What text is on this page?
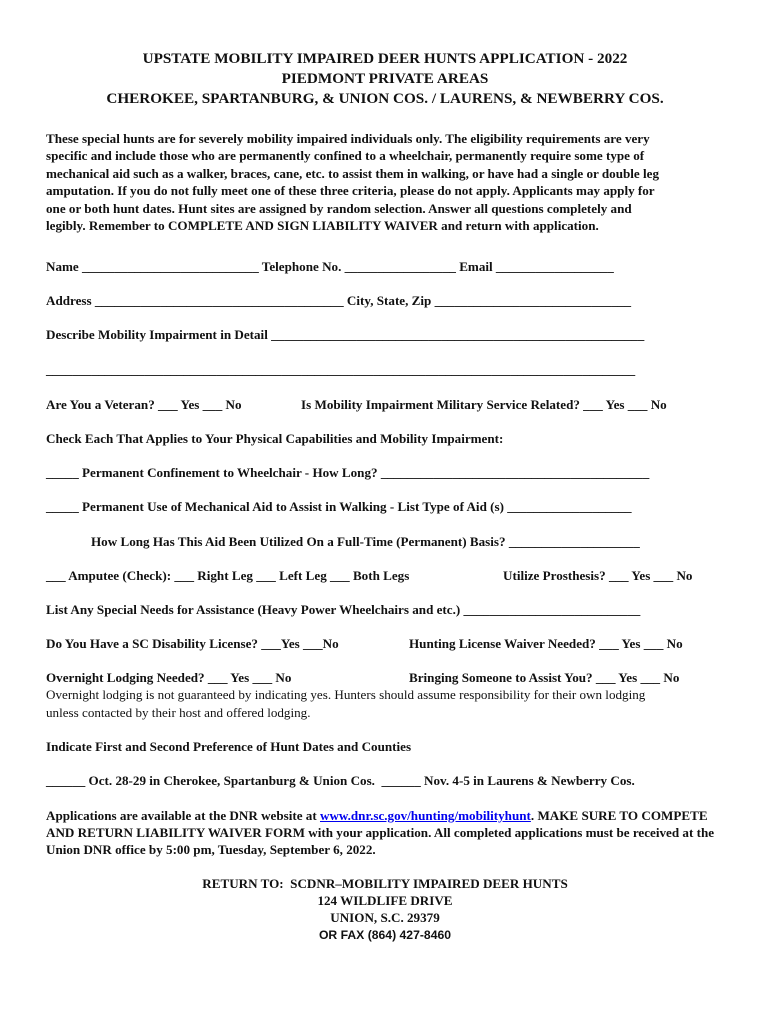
UPSTATE MOBILITY IMPAIRED DEER HUNTS APPLICATION - 2022
PIEDMONT PRIVATE AREAS
CHEROKEE, SPARTANBURG, & UNION COS. / LAURENS, & NEWBERRY COS.
These special hunts are for severely mobility impaired individuals only. The eligibility requirements are very
specific and include those who are permanently confined to a wheelchair, permanently require some type of
mechanical aid such as a walker, braces, cane, etc. to assist them in walking, or have had a single or double leg
amputation. If you do not fully meet one of these three criteria, please do not apply. Applicants may apply for
one or both hunt dates. Hunt sites are assigned by random selection. Answer all questions completely and
legibly. Remember to COMPLETE AND SIGN LIABILITY WAIVER and return with application.
Name ___________________________ Telephone No. _________________ Email __________________
Address ______________________________________ City, State, Zip ______________________________
Describe Mobility Impairment in Detail _________________________________________________________
__________________________________________________________________________________________
Are You a Veteran? ___ Yes ___ No	Is Mobility Impairment Military Service Related? ___ Yes ___ No
Check Each That Applies to Your Physical Capabilities and Mobility Impairment:
_____ Permanent Confinement to Wheelchair - How Long? _________________________________________
_____ Permanent Use of Mechanical Aid to Assist in Walking - List Type of Aid (s) ___________________
How Long Has This Aid Been Utilized On a Full-Time (Permanent) Basis? ____________________
___ Amputee (Check): ___ Right Leg ___ Left Leg ___ Both Legs	Utilize Prosthesis? ___ Yes ___ No
List Any Special Needs for Assistance (Heavy Power Wheelchairs and etc.) ___________________________
Do You Have a SC Disability License? ___Yes ___No	Hunting License Waiver Needed? ___ Yes ___ No
Overnight Lodging Needed? ___ Yes ___ No	Bringing Someone to Assist You? ___ Yes ___ No
Overnight lodging is not guaranteed by indicating yes. Hunters should assume responsibility for their own lodging
unless contacted by their host and offered lodging.
Indicate First and Second Preference of Hunt Dates and Counties
______ Oct. 28-29 in Cherokee, Spartanburg & Union Cos.  ______ Nov. 4-5 in Laurens & Newberry Cos.
Applications are available at the DNR website at www.dnr.sc.gov/hunting/mobilityhunt. MAKE SURE TO COMPETE AND RETURN LIABILITY WAIVER FORM with your application. All completed applications must be received at the Union DNR office by 5:00 pm, Tuesday, September 6, 2022.
RETURN TO:  SCDNR–MOBILITY IMPAIRED DEER HUNTS
124 WILDLIFE DRIVE
UNION, S.C. 29379
OR FAX (864) 427-8460
